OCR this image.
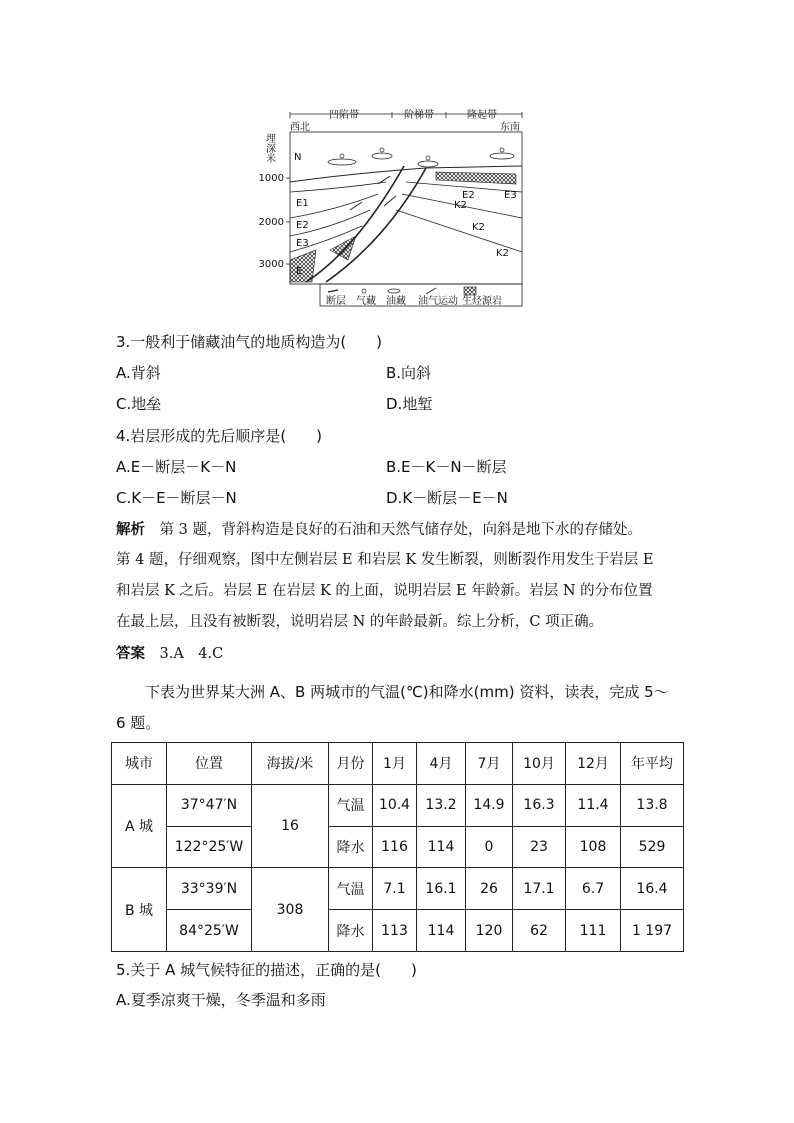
凹陷带	阶梯带	隆起带
西北	东南
埋
深
米
1000
2000
3000
N
E1
E2
E3
E
E2	E3
K2
K2
K2
断层 气藏 油藏 油气运动 生烃源岩
3.一般利于储藏油气的地质构造为(　　)
A.背斜	B.向斜
C.地垒	D.地堑
4.岩层形成的先后顺序是(　　)
A.E－断层－K－N	B.E－K－N－断层
C.K－E－断层－N	D.K－断层－E－N
解析　第 3 题，背斜构造是良好的石油和天然气储存处，向斜是地下水的存储处。
第 4 题，仔细观察，图中左侧岩层 E 和岩层 K 发生断裂，则断裂作用发生于岩层 E
和岩层 K 之后。岩层 E 在岩层 K 的上面，说明岩层 E 年龄新。岩层 N 的分布位置
在最上层，且没有被断裂，说明岩层 N 的年龄最新。综上分析，C 项正确。
答案　3.A　4.C
下表为世界某大洲 A、B 两城市的气温(℃)和降水(mm) 资料，读表，完成 5～
6 题。
城市	位置	海拔/米	月份	1月	4月	7月	10月	12月	年平均
A 城	37°47′N	16	气温	10.4	13.2	14.9	16.3	11.4	13.8
	122°25′W		降水	116	114	0	23	108	529
B 城	33°39′N	308	气温	7.1	16.1	26	17.1	6.7	16.4
	84°25′W		降水	113	114	120	62	111	1 197
5.关于 A 城气候特征的描述，正确的是(　　)
A.夏季凉爽干燥，冬季温和多雨
